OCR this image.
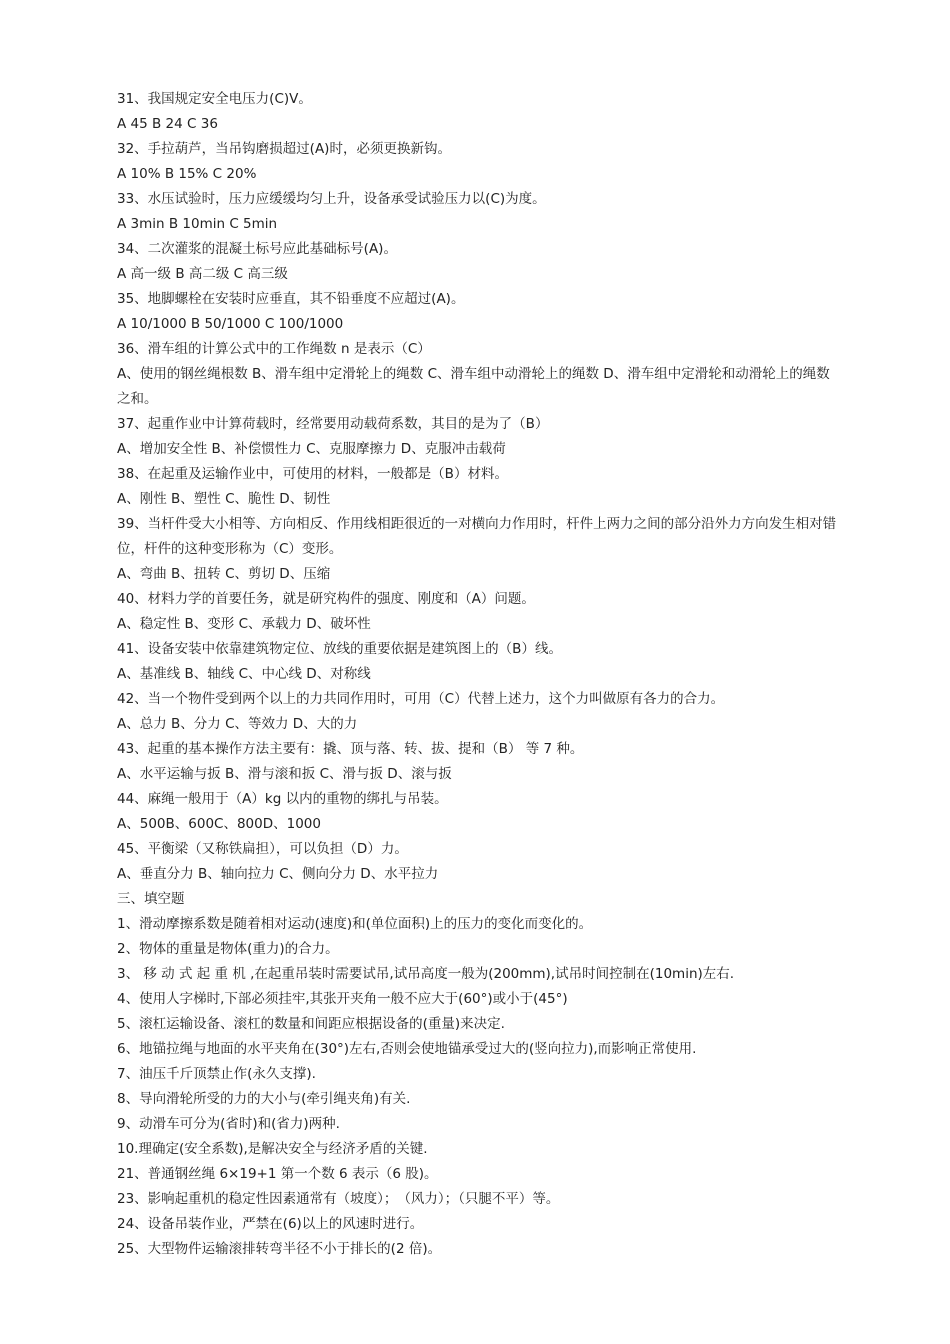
31、我国规定安全电压力(C)V。

A 45 B 24 C 36

32、手拉葫芦，当吊钩磨损超过(A)时，必须更换新钩。

A 10% B 15% C 20%

33、水压试验时，压力应缓缓均匀上升，设备承受试验压力以(C)为度。

A 3min B 10min C 5min

34、二次灌浆的混凝土标号应此基础标号(A)。

A 高一级 B 高二级 C 高三级

35、地脚螺栓在安装时应垂直，其不铅垂度不应超过(A)。

A 10/1000 B 50/1000 C 100/1000

36、滑车组的计算公式中的工作绳数 n 是表示（C）

A、使用的钢丝绳根数 B、滑车组中定滑轮上的绳数 C、滑车组中动滑轮上的绳数 D、滑车组中定滑轮和动滑轮上的绳数之和。

37、起重作业中计算荷载时，经常要用动载荷系数，其目的是为了（B）

A、增加安全性 B、补偿惯性力 C、克服摩擦力 D、克服冲击载荷

38、在起重及运输作业中，可使用的材料，一般都是（B）材料。

A、刚性 B、塑性 C、脆性 D、韧性

39、当杆件受大小相等、方向相反、作用线相距很近的一对横向力作用时，杆件上两力之间的部分沿外力方向发生相对错位，杆件的这种变形称为（C）变形。

A、弯曲 B、扭转 C、剪切 D、压缩

40、材料力学的首要任务，就是研究构件的强度、刚度和（A）问题。

A、稳定性 B、变形 C、承载力 D、破坏性

41、设备安装中依靠建筑物定位、放线的重要依据是建筑图上的（B）线。

A、基准线 B、轴线 C、中心线 D、对称线

42、当一个物件受到两个以上的力共同作用时，可用（C）代替上述力，这个力叫做原有各力的合力。

A、总力 B、分力 C、等效力 D、大的力

43、起重的基本操作方法主要有：撬、顶与落、转、拔、提和（B） 等 7 种。

A、水平运输与扳 B、滑与滚和扳 C、滑与扳 D、滚与扳

44、麻绳一般用于（A）kg 以内的重物的绑扎与吊装。

A、500B、600C、800D、1000

45、平衡梁（又称铁扁担），可以负担（D）力。

A、垂直分力 B、轴向拉力 C、侧向分力 D、水平拉力

三、填空题

1、滑动摩擦系数是随着相对运动(速度)和(单位面积)上的压力的变化而变化的。

2、物体的重量是物体(重力)的合力。

3、 移 动 式 起 重 机 ,在起重吊装时需要试吊,试吊高度一般为(200mm),试吊时间控制在(10min)左右.

4、使用人字梯时,下部必须挂牢,其张开夹角一般不应大于(60°)或小于(45°)

5、滚杠运输设备、滚杠的数量和间距应根据设备的(重量)来决定.

6、地锚拉绳与地面的水平夹角在(30°)左右,否则会使地锚承受过大的(竖向拉力),而影响正常使用.

7、油压千斤顶禁止作(永久支撑).

8、导向滑轮所受的力的大小与(牵引绳夹角)有关.

9、动滑车可分为(省时)和(省力)两种.

10.理确定(安全系数),是解决安全与经济矛盾的关键.

21、普通钢丝绳 6×19+1 第一个数 6 表示（6 股)。

23、影响起重机的稳定性因素通常有（坡度）；　（风力）；（只腿不平）等。

24、设备吊装作业，严禁在(6)以上的风速时进行。

25、大型物件运输滚排转弯半径不小于排长的(2 倍)。
